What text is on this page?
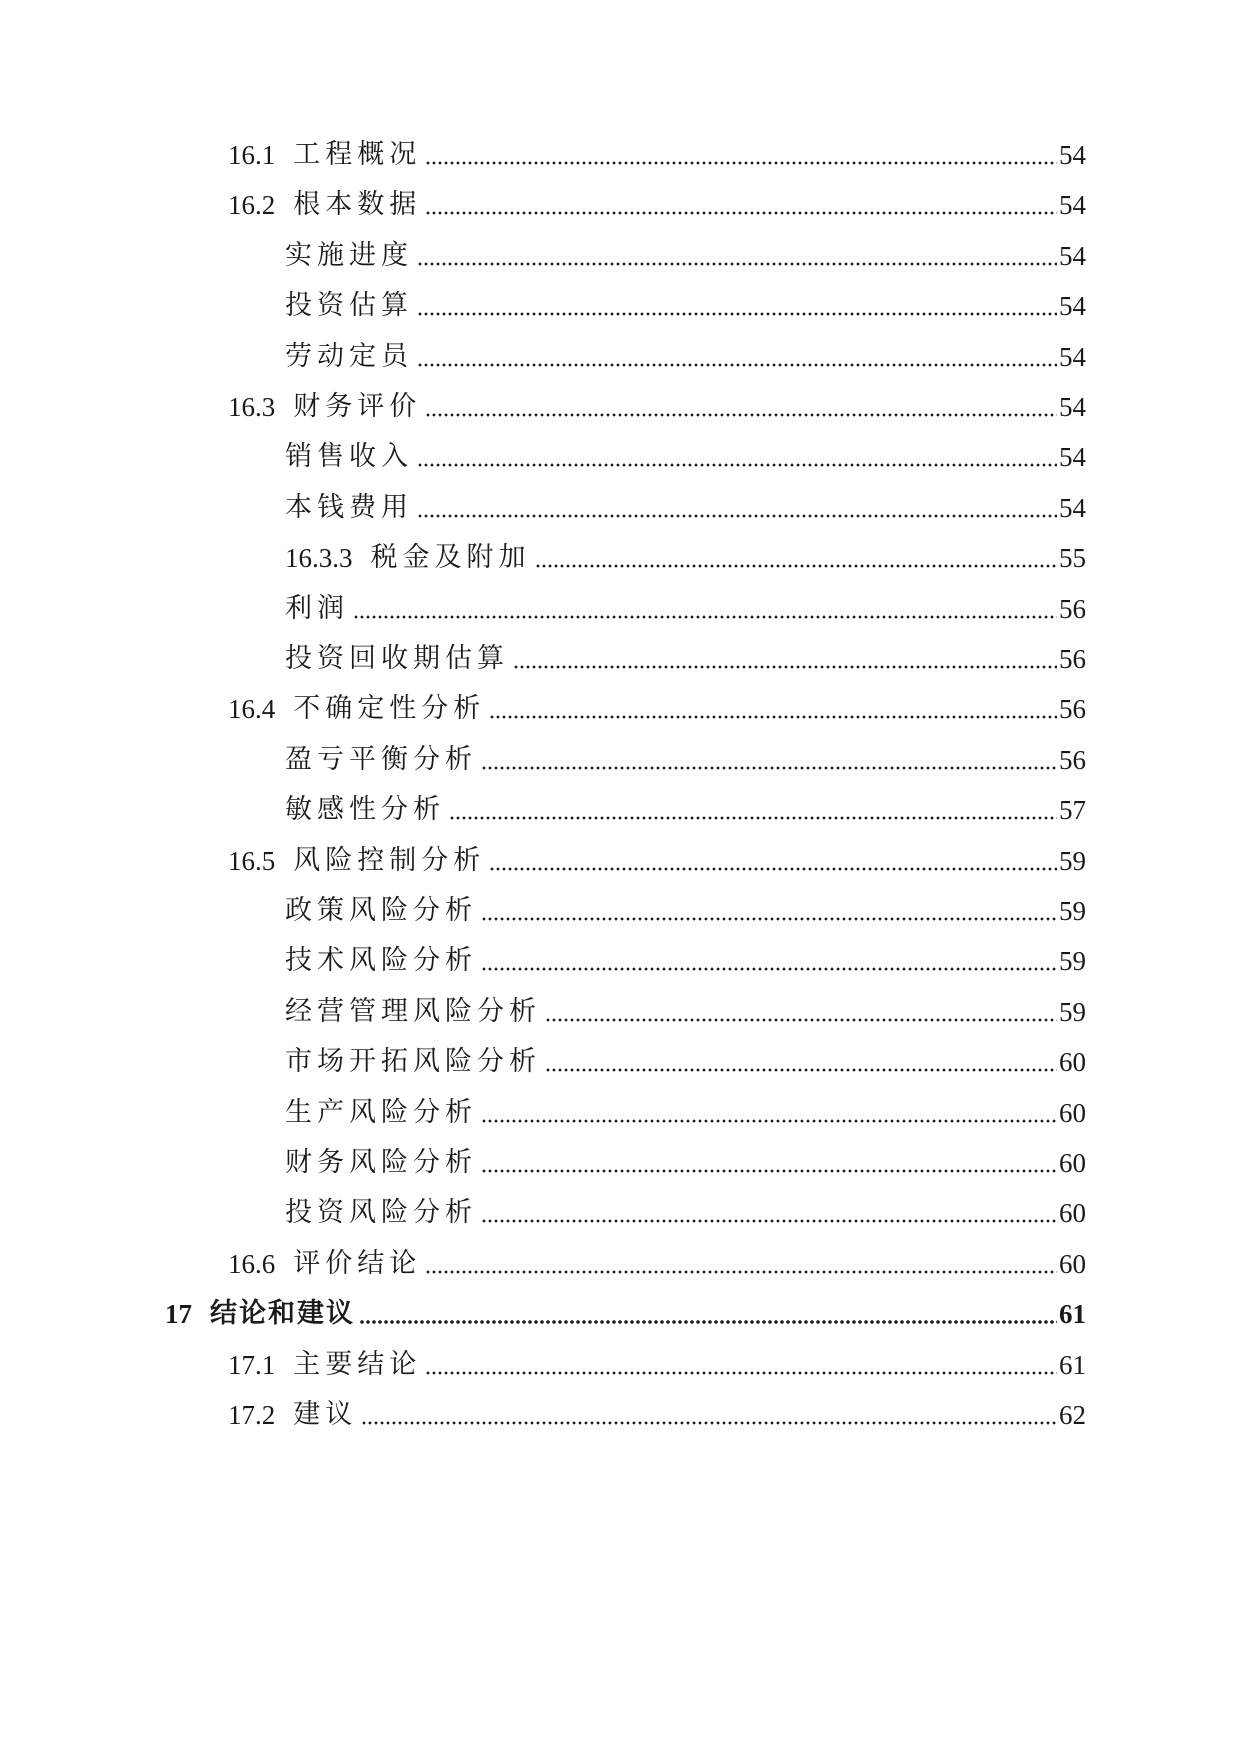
16.1 工程概况	54
16.2 根本数据	54
实施进度	54
投资估算	54
劳动定员	54
16.3 财务评价	54
销售收入	54
本钱费用	54
16.3.3 税金及附加	55
利润	56
投资回收期估算	56
16.4 不确定性分析	56
盈亏平衡分析	56
敏感性分析	57
16.5 风险控制分析	59
政策风险分析	59
技术风险分析	59
经营管理风险分析	59
市场开拓风险分析	60
生产风险分析	60
财务风险分析	60
投资风险分析	60
16.6 评价结论	60
17 结论和建议	61
17.1 主要结论	61
17.2 建议	62
